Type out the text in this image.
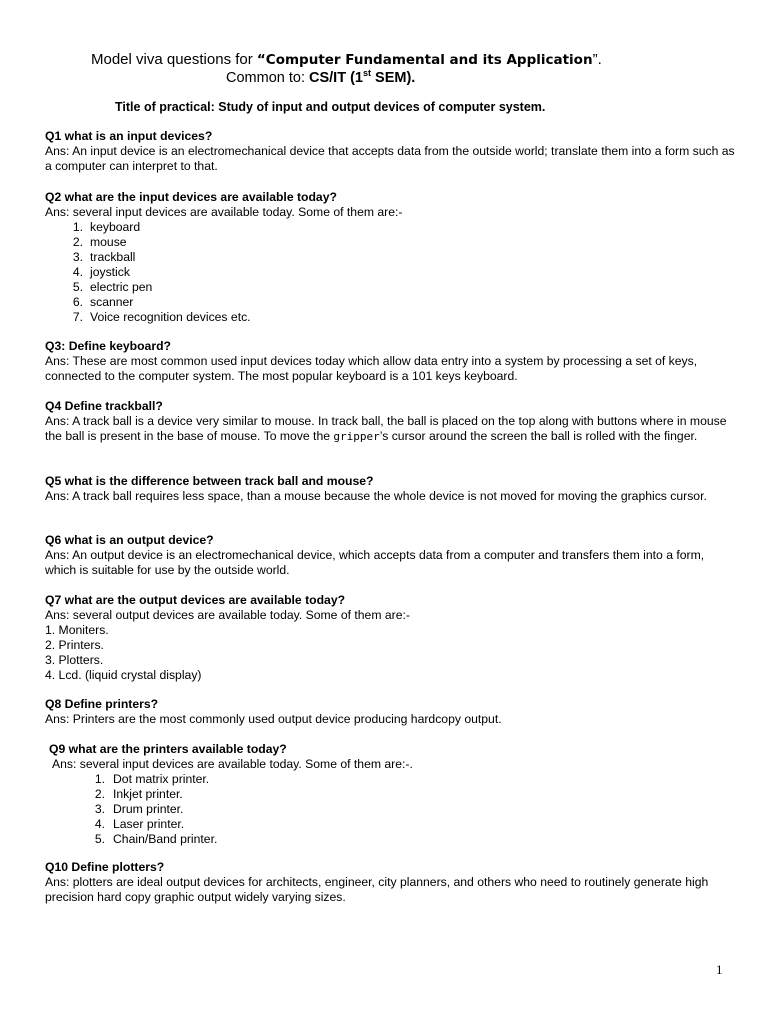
Model viva questions for “Computer Fundamental and its Application”.
Common to: CS/IT (1st SEM).
Title of practical: Study of input and output devices of computer system.
Q1 what is an input devices?

Ans: An input device is an electromechanical device that accepts data from the outside world; translate them into a form such as a computer can interpret to that.

Q2 what are the input devices are available today?

Ans: several input devices are available today. Some of them are:-

1. keyboard
2. mouse
3. trackball
4. joystick
5. electric pen
6. scanner
7. Voice recognition devices etc.
Q3: Define keyboard?

Ans: These are most common used input devices today which allow data entry into a system by processing a set of keys, connected to the computer system. The most popular keyboard is a 101 keys keyboard.

Q4 Define trackball?

Ans: A track ball is a device very similar to mouse. In track ball, the ball is placed on the top along with buttons where in mouse the ball is present in the base of mouse. To move the gripper’s cursor around the screen the ball is rolled with the finger.

Q5 what is the difference between track ball and mouse?

Ans: A track ball requires less space, than a mouse because the whole device is not moved for moving the graphics cursor.

Q6 what is an output device?

Ans: An output device is an electromechanical device, which accepts data from a computer and transfers them into a form, which is suitable for use by the outside world.

Q7 what are the output devices are available today?

Ans: several output devices are available today. Some of them are:-

1. Moniters.
2. Printers.
3. Plotters.
4. Lcd. (liquid crystal display)
Q8 Define printers?

Ans: Printers are the most commonly used output device producing hardcopy output.

Q9 what are the printers available today?

Ans: several input devices are available today. Some of them are:-.

1. Dot matrix printer.
2. Inkjet printer.
3. Drum printer.
4. Laser printer.
5. Chain/Band printer.
Q10 Define plotters?

Ans: plotters are ideal output devices for architects, engineer, city planners, and others who need to routinely generate high precision hard copy graphic output widely varying sizes.

1
